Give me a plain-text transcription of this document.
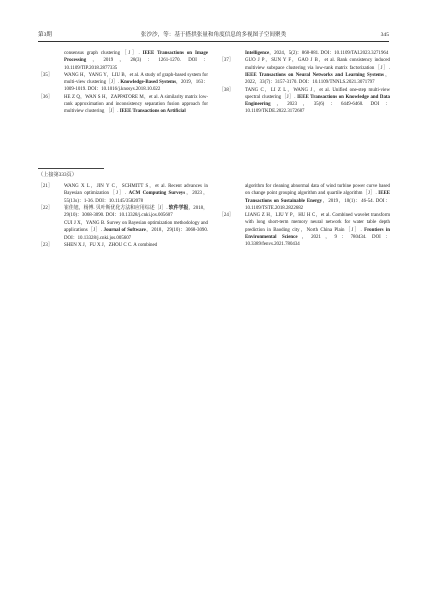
第3期	张沙沙，等：基于搭拱张量和角度信息的多视图子空间聚类	345
consensus graph clustering［J］. IEEE Transactions on Image Processing，2019，28(3)：1261-1270. DOI：10.1109/TIP.2018.2877335
［35］	WANG H，YANG Y，LIU B，et al. A study of graph-based system for multi-view clustering［J］. Knowledge-Based Systems，2019，163：1009-1019. DOI：10.1016/j.knosys.2018.10.022
［36］	HE Z Q，WAN S H，ZAPPATORE M，et al. A similarity matrix low-rank approximation and inconsistency separation fusion approach for multiview clustering ［J］. IEEE Transactions on Artificial
Intelligence，2024，5(2)：868-881. DOI：10.1109/TAI.2023.3271964
［37］	GUO J P，SUN Y F，GAO J B，et al. Rank consistency induced multiview subspace clustering via low-rank matrix factorization［J］. IEEE Transactions on Neural Networks and Learning Systems，2022，33(7)：3157-3170. DOI：10.1109/TNNLS.2021.3071797
［38］	TANG C，LI Z L，WANG J，et al. Unified one-step multi-view spectral clustering［J］. IEEE Transactions on Knowledge and Data Engineering，2023，35(6)：6449-6460. DOI：10.1109/TKDE.2022.3172687
（上接第333页）
［21］	WANG X L，JIN Y C，SCHMITT S，et al. Recent advances in Bayesian optimization［J］. ACM Computing Surveys，2023，55(13s)：1-36. DOI：10.1145/3582078
［22］	崔佳旭，杨博. 贝叶斯优化方法和应用综述［J］. 软件学报，2018，29(10)：3068-3090. DOI：10.13328/j.cnki.jos.005607
CUI J X，YANG B. Survey on Bayesian optimization methodology and applications［J］. Journal of Software，2018，29(10)：3068-3090. DOI：10.13328/j.cnki.jos.005607
［23］	SHEN X J，FU X J，ZHOU C C. A combined
algorithm for cleaning abnormal data of wind turbine power curve based on change point grouping algorithm and quartile algorithm［J］. IEEE Transactions on Sustainable Energy，2019，10(1)：46-54. DOI：10.1109/TSTE.2018.2822682
［24］	LIANG Z H，LIU Y P，HU H C，et al. Combined wavelet transform with long short-term memory neural network for water table depth prediction in Baoding city，North China Plain［J］. Frontiers in Environmental Science，2021，9：780434. DOI：10.3389/fenvs.2021.780434
